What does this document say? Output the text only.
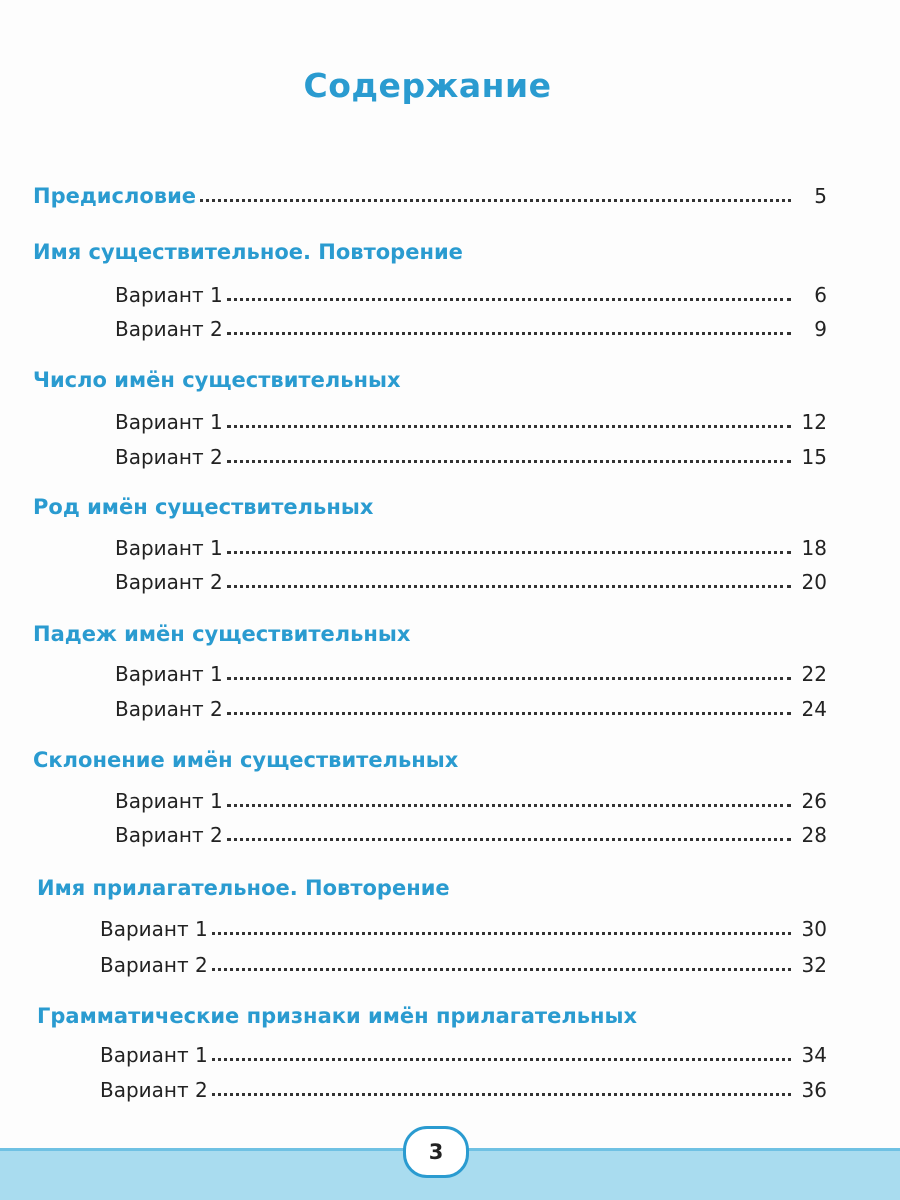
Содержание
Предисловие	5
Имя существительное. Повторение
Вариант 1	6
Вариант 2	9
Число имён существительных
Вариант 1	12
Вариант 2	15
Род имён существительных
Вариант 1	18
Вариант 2	20
Падеж имён существительных
Вариант 1	22
Вариант 2	24
Склонение имён существительных
Вариант 1	26
Вариант 2	28
Имя прилагательное. Повторение
Вариант 1	30
Вариант 2	32
Грамматические признаки имён прилагательных
Вариант 1	34
Вариант 2	36
3
